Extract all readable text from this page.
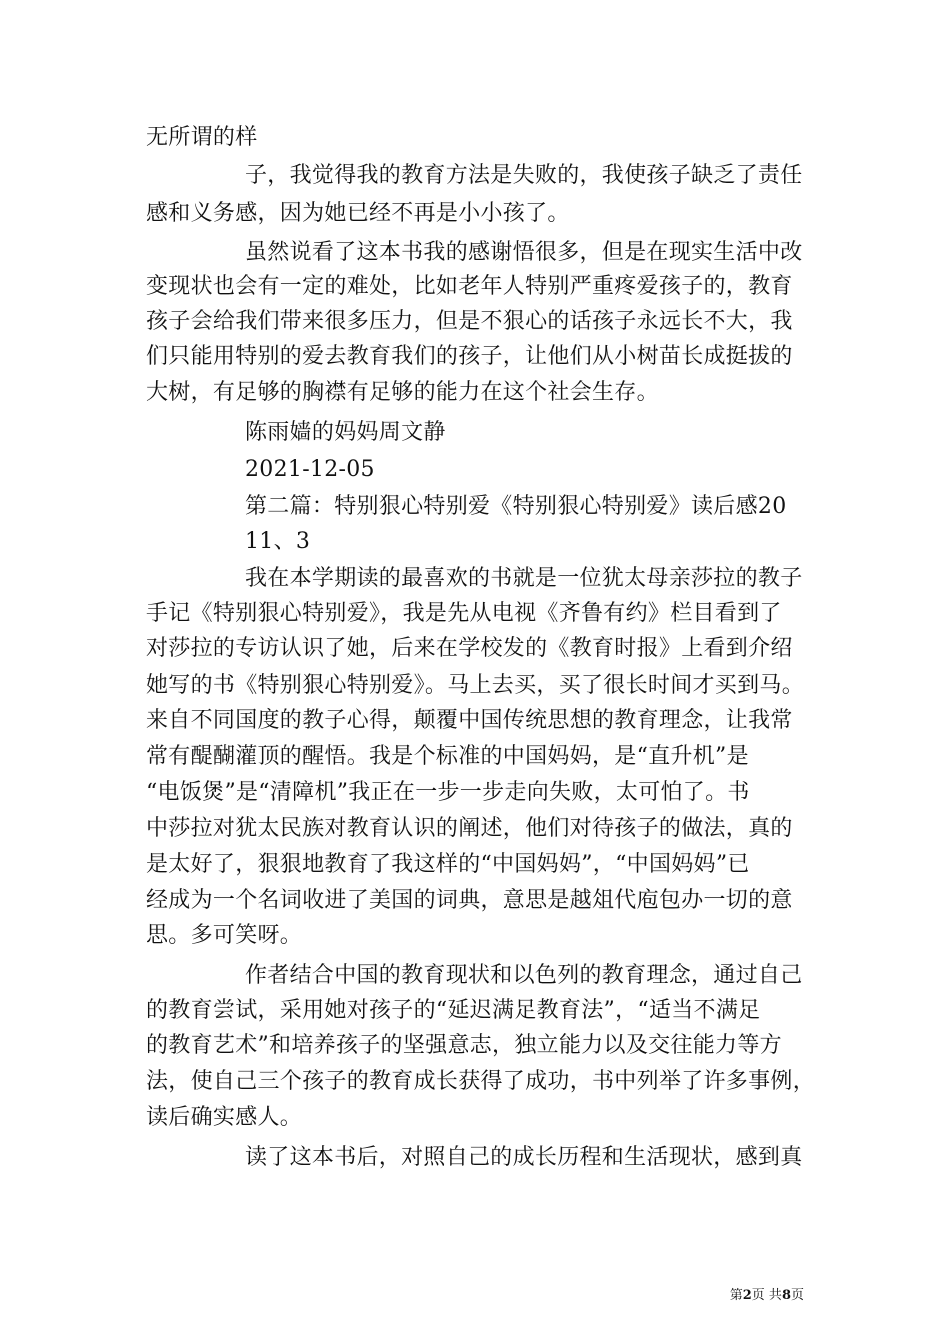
无所谓的样
子，我觉得我的教育方法是失败的，我使孩子缺乏了责任
感和义务感，因为她已经不再是小小孩了。
虽然说看了这本书我的感谢悟很多，但是在现实生活中改
变现状也会有一定的难处，比如老年人特别严重疼爱孩子的，教育
孩子会给我们带来很多压力，但是不狠心的话孩子永远长不大，我
们只能用特别的爱去教育我们的孩子，让他们从小树苗长成挺拔的
大树，有足够的胸襟有足够的能力在这个社会生存。
陈雨嫱的妈妈周文静
2021-12-05
第二篇：特别狠心特别爱《特别狠心特别爱》读后感20
11、3
我在本学期读的最喜欢的书就是一位犹太母亲莎拉的教子
手记《特别狠心特别爱》，我是先从电视《齐鲁有约》栏目看到了
对莎拉的专访认识了她，后来在学校发的《教育时报》上看到介绍
她写的书《特别狠心特别爱》。马上去买，买了很长时间才买到马。
来自不同国度的教子心得，颠覆中国传统思想的教育理念，让我常
常有醍醐灌顶的醒悟。我是个标准的中国妈妈，是“直升机”是
“电饭煲”是“清障机”我正在一步一步走向失败，太可怕了。书
中莎拉对犹太民族对教育认识的阐述，他们对待孩子的做法，真的
是太好了，狠狠地教育了我这样的“中国妈妈”，“中国妈妈”已
经成为一个名词收进了美国的词典，意思是越俎代庖包办一切的意
思。多可笑呀。
作者结合中国的教育现状和以色列的教育理念，通过自己
的教育尝试，采用她对孩子的“延迟满足教育法”，“适当不满足
的教育艺术”和培养孩子的坚强意志，独立能力以及交往能力等方
法，使自己三个孩子的教育成长获得了成功，书中列举了许多事例，
读后确实感人。
读了这本书后，对照自己的成长历程和生活现状，感到真
第2页 共8页
